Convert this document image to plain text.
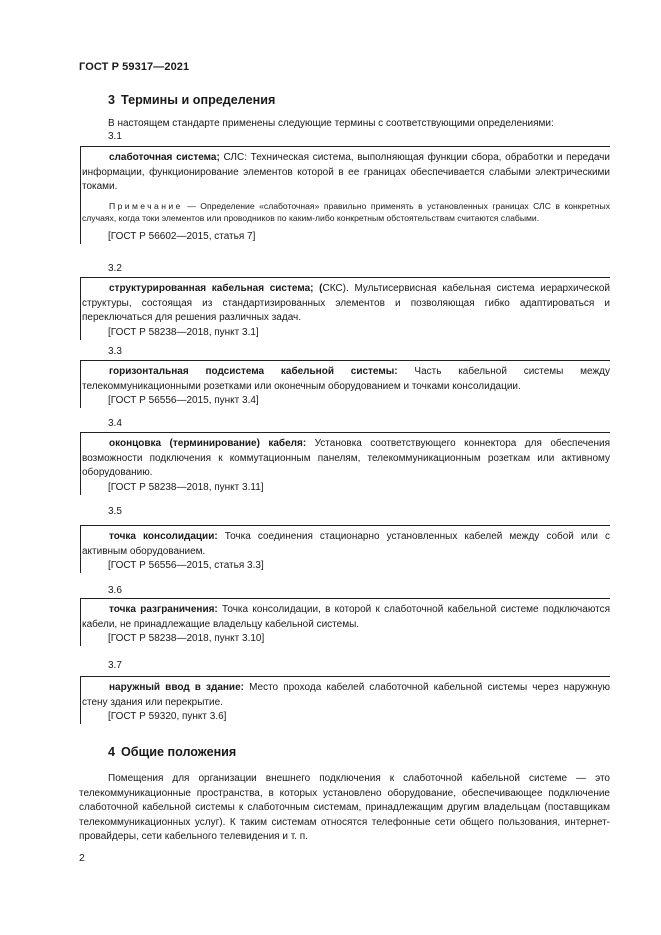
ГОСТ Р 59317—2021
3 Термины и определения
В настоящем стандарте применены следующие термины с соответствующими определениями:
3.1

слаботочная система; СЛС: Техническая система, выполняющая функции сбора, обработки и передачи информации, функционирование элементов которой в ее границах обеспечивается слабыми электрическими токами.

Примечание — Определение «слаботочная» правильно применять в установленных границах СЛС в конкретных случаях, когда токи элементов или проводников по каким-либо конкретным обстоятельствам считаются слабыми.

[ГОСТ Р 56602—2015, статья 7]

3.2

структурированная кабельная система; (СКС). Мультисервисная кабельная система иерархической структуры, состоящая из стандартизированных элементов и позволяющая гибко адаптироваться и переключаться для решения различных задач.

[ГОСТ Р 58238—2018, пункт 3.1]

3.3

горизонтальная подсистема кабельной системы: Часть кабельной системы между телекоммуникационными розетками или оконечным оборудованием и точками консолидации.

[ГОСТ Р 56556—2015, пункт 3.4]

3.4

оконцовка (терминирование) кабеля: Установка соответствующего коннектора для обеспечения возможности подключения к коммутационным панелям, телекоммуникационным розеткам или активному оборудованию.

[ГОСТ Р 58238—2018, пункт 3.11]

3.5

точка консолидации: Точка соединения стационарно установленных кабелей между собой или с активным оборудованием.

[ГОСТ Р 56556—2015, статья 3.3]

3.6

точка разграничения: Точка консолидации, в которой к слаботочной кабельной системе подключаются кабели, не принадлежащие владельцу кабельной системы.

[ГОСТ Р 58238—2018, пункт 3.10]

3.7

наружный ввод в здание: Место прохода кабелей слаботочной кабельной системы через наружную стену здания или перекрытие.

[ГОСТ Р 59320, пункт 3.6]

4 Общие положения
Помещения для организации внешнего подключения к слаботочной кабельной системе — это телекоммуникационные пространства, в которых установлено оборудование, обеспечивающее подключение слаботочной кабельной системы к слаботочным системам, принадлежащим другим владельцам (поставщикам телекоммуникационных услуг). К таким системам относятся телефонные сети общего пользования, интернет-провайдеры, сети кабельного телевидения и т. п.
2
